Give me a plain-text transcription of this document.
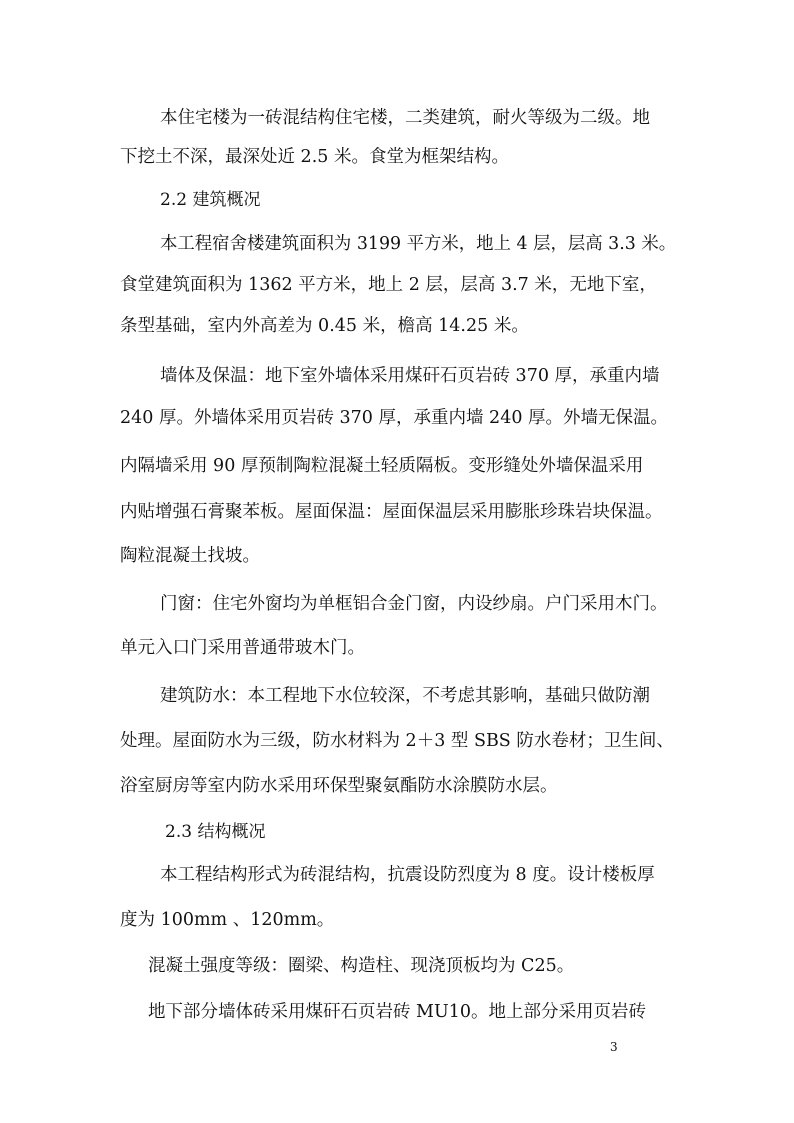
本住宅楼为一砖混结构住宅楼，二类建筑，耐火等级为二级。地
下挖土不深，最深处近 2.5 米。食堂为框架结构。
2.2 建筑概况
本工程宿舍楼建筑面积为 3199 平方米，地上 4 层，层高 3.3 米。
食堂建筑面积为 1362 平方米，地上 2 层，层高 3.7 米，无地下室，
条型基础，室内外高差为 0.45 米，檐高 14.25 米。
墙体及保温：地下室外墙体采用煤矸石页岩砖 370 厚，承重内墙
240 厚。外墙体采用页岩砖 370 厚，承重内墙 240 厚。外墙无保温。
内隔墙采用 90 厚预制陶粒混凝土轻质隔板。变形缝处外墙保温采用
内贴增强石膏聚苯板。屋面保温：屋面保温层采用膨胀珍珠岩块保温。
陶粒混凝土找坡。
门窗：住宅外窗均为单框铝合金门窗，内设纱扇。户门采用木门。
单元入口门采用普通带玻木门。
建筑防水：本工程地下水位较深，不考虑其影响，基础只做防潮
处理。屋面防水为三级，防水材料为 2＋3 型 SBS 防水卷材；卫生间、
浴室厨房等室内防水采用环保型聚氨酯防水涂膜防水层。
2.3 结构概况
本工程结构形式为砖混结构，抗震设防烈度为 8 度。设计楼板厚
度为 100mm 、120mm。
混凝土强度等级：圈梁、构造柱、现浇顶板均为 C25。
地下部分墙体砖采用煤矸石页岩砖 MU10。地上部分采用页岩砖
3
